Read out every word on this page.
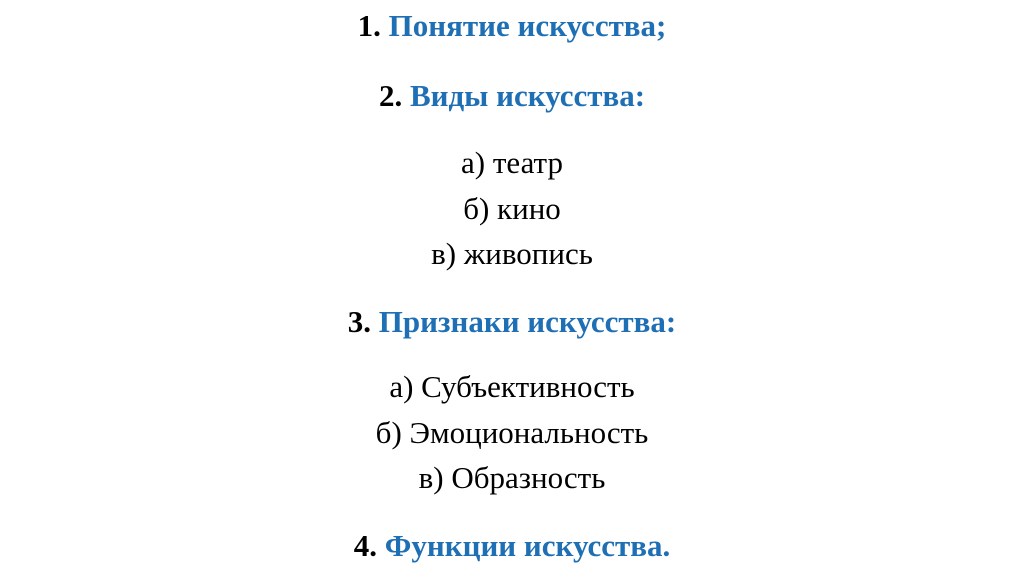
1. Понятие искусства;
2. Виды искусства:
а) театр
б) кино
в) живопись
3. Признаки искусства:
а) Субъективность
б) Эмоциональность
в) Образность
4. Функции искусства.
